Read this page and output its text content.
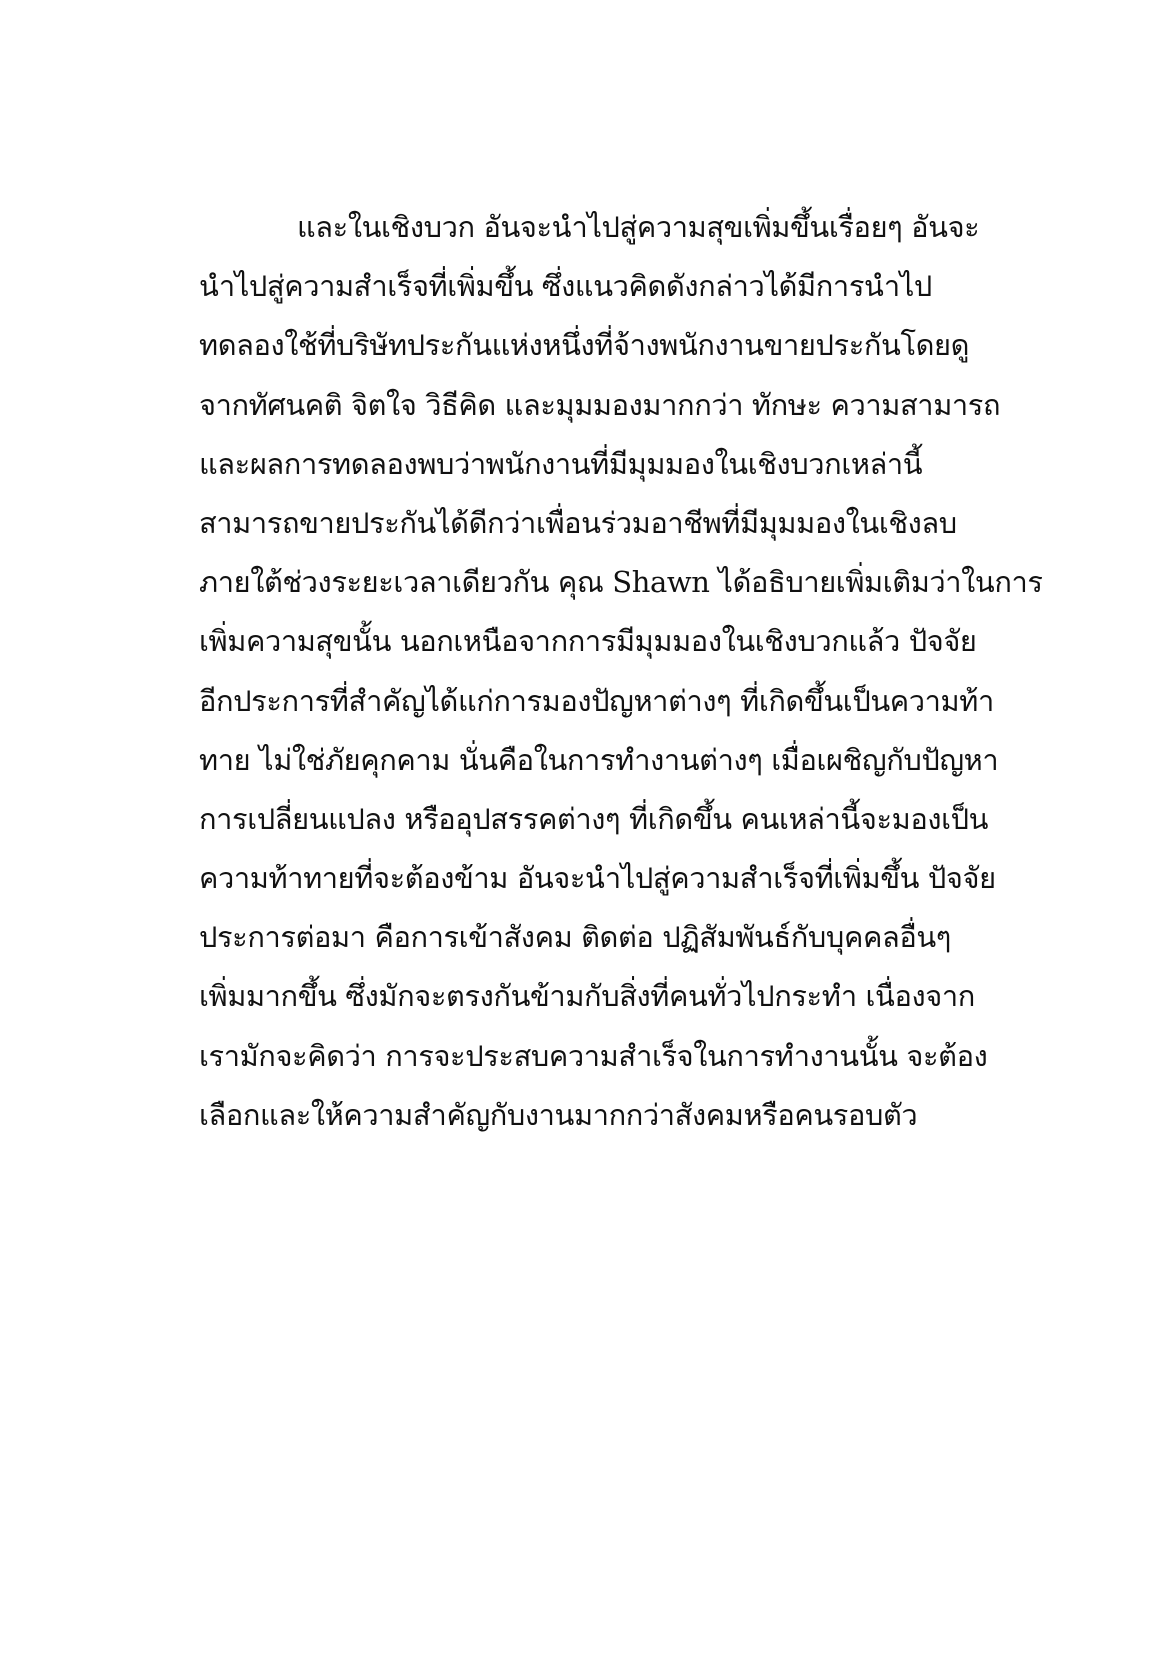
และในเชิงบวก อันจะนำไปสู่ความสุขเพิ่มขึ้นเรื่อยๆ อันจะ
นำไปสู่ความสำเร็จที่เพิ่มขึ้น ซึ่งแนวคิดดังกล่าวได้มีการนำไป
ทดลองใช้ที่บริษัทประกันแห่งหนึ่งที่จ้างพนักงานขายประกันโดยดู
จากทัศนคติ จิตใจ วิธีคิด และมุมมองมากกว่า ทักษะ ความสามารถ
และผลการทดลองพบว่าพนักงานที่มีมุมมองในเชิงบวกเหล่านี้
สามารถขายประกันได้ดีกว่าเพื่อนร่วมอาชีพที่มีมุมมองในเชิงลบ
ภายใต้ช่วงระยะเวลาเดียวกัน คุณ Shawn ได้อธิบายเพิ่มเติมว่าในการ
เพิ่มความสุขนั้น นอกเหนือจากการมีมุมมองในเชิงบวกแล้ว ปัจจัย
อีกประการที่สำคัญได้แก่การมองปัญหาต่างๆ ที่เกิดขึ้นเป็นความท้า
ทาย ไม่ใช่ภัยคุกคาม นั่นคือในการทำงานต่างๆ เมื่อเผชิญกับปัญหา
การเปลี่ยนแปลง หรืออุปสรรคต่างๆ ที่เกิดขึ้น คนเหล่านี้จะมองเป็น
ความท้าทายที่จะต้องข้าม อันจะนำไปสู่ความสำเร็จที่เพิ่มขึ้น ปัจจัย
ประการต่อมา คือการเข้าสังคม ติดต่อ ปฏิสัมพันธ์กับบุคคลอื่นๆ
เพิ่มมากขึ้น ซึ่งมักจะตรงกันข้ามกับสิ่งที่คนทั่วไปกระทำ เนื่องจาก
เรามักจะคิดว่า การจะประสบความสำเร็จในการทำงานนั้น จะต้อง
เลือกและให้ความสำคัญกับงานมากกว่าสังคมหรือคนรอบตัว
